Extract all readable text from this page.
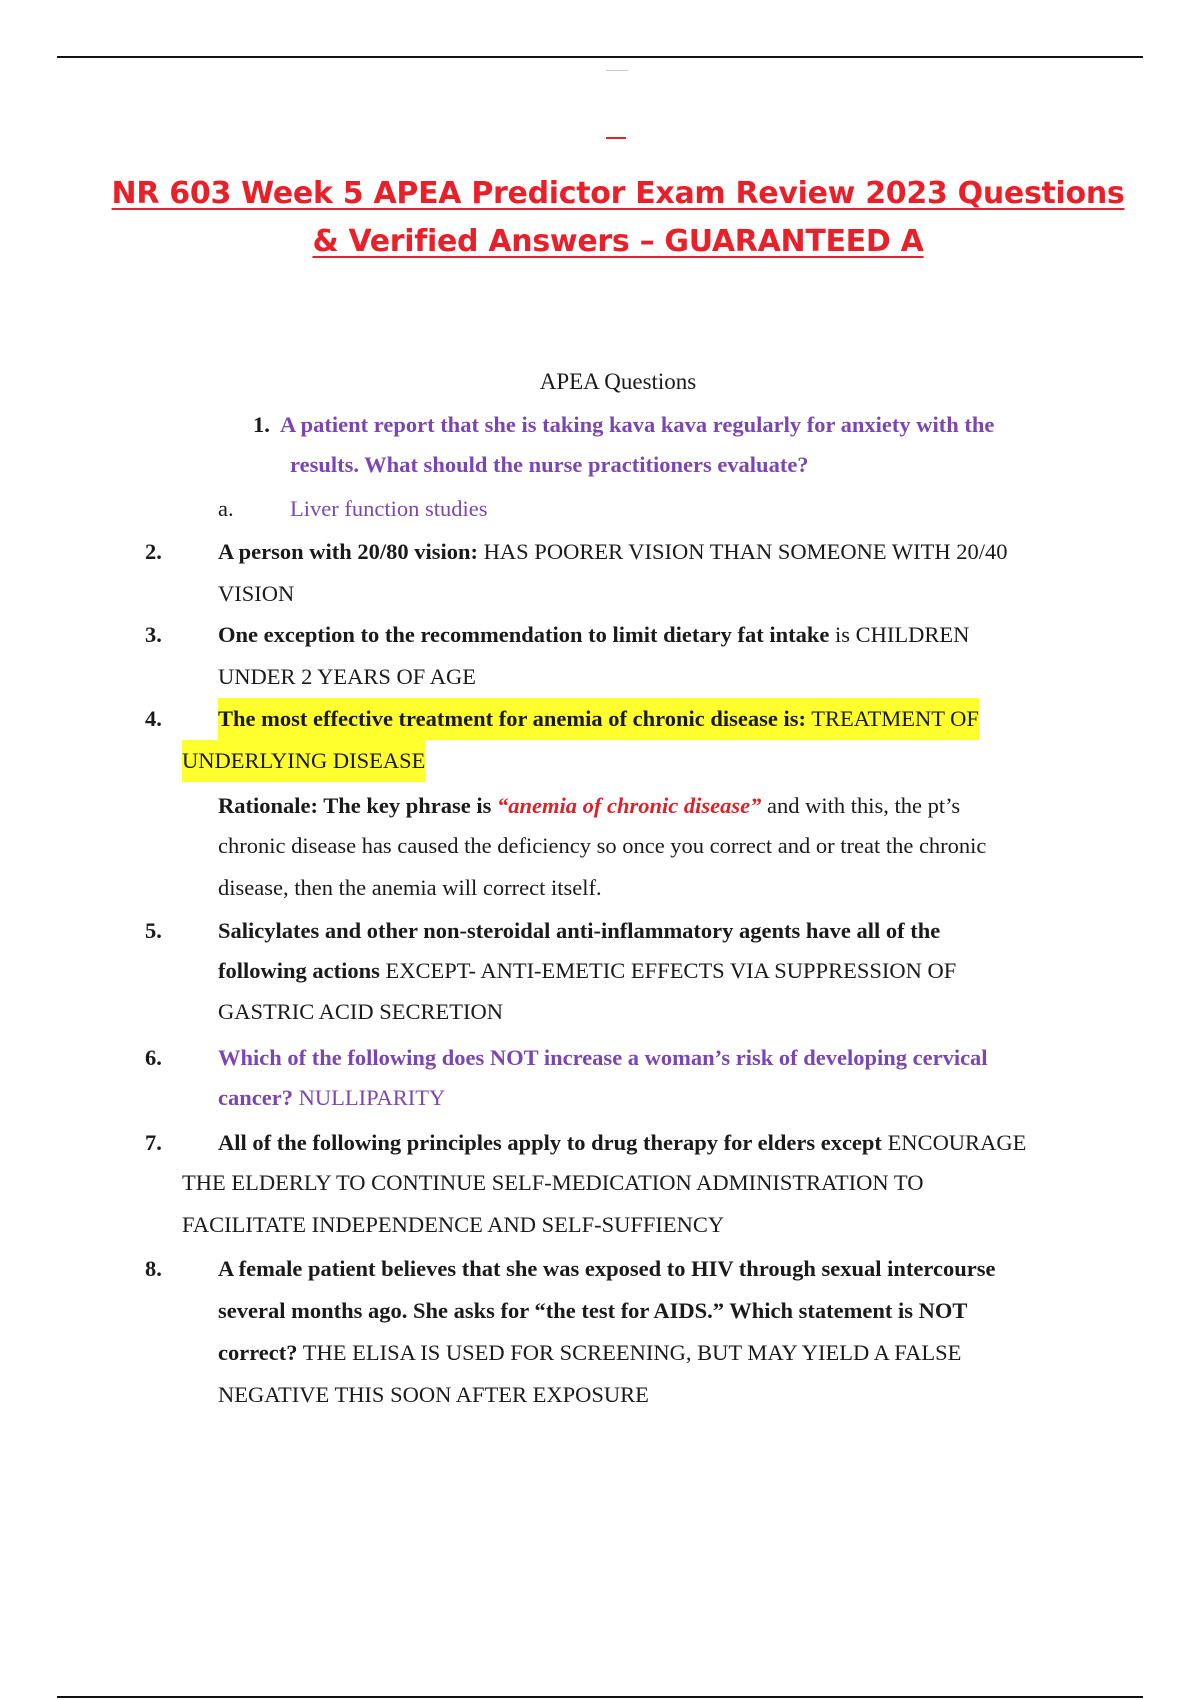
NR 603 Week 5 APEA Predictor Exam Review 2023 Questions
& Verified Answers – GUARANTEED A
APEA Questions
1. A patient report that she is taking kava kava regularly for anxiety with the
results. What should the nurse practitioners evaluate?
a.	Liver function studies
2. A person with 20/80 vision: HAS POORER VISION THAN SOMEONE WITH 20/40
VISION
3. One exception to the recommendation to limit dietary fat intake is CHILDREN
UNDER 2 YEARS OF AGE
4. The most effective treatment for anemia of chronic disease is: TREATMENT OF
UNDERLYING DISEASE
Rationale: The key phrase is “anemia of chronic disease” and with this, the pt’s
chronic disease has caused the deficiency so once you correct and or treat the chronic
disease, then the anemia will correct itself.
5. Salicylates and other non-steroidal anti-inflammatory agents have all of the
following actions EXCEPT- ANTI-EMETIC EFFECTS VIA SUPPRESSION OF
GASTRIC ACID SECRETION
6. Which of the following does NOT increase a woman’s risk of developing cervical
cancer? NULLIPARITY
7. All of the following principles apply to drug therapy for elders except ENCOURAGE
THE ELDERLY TO CONTINUE SELF-MEDICATION ADMINISTRATION TO
FACILITATE INDEPENDENCE AND SELF-SUFFIENCY
8. A female patient believes that she was exposed to HIV through sexual intercourse
several months ago. She asks for “the test for AIDS.” Which statement is NOT
correct? THE ELISA IS USED FOR SCREENING, BUT MAY YIELD A FALSE
NEGATIVE THIS SOON AFTER EXPOSURE
